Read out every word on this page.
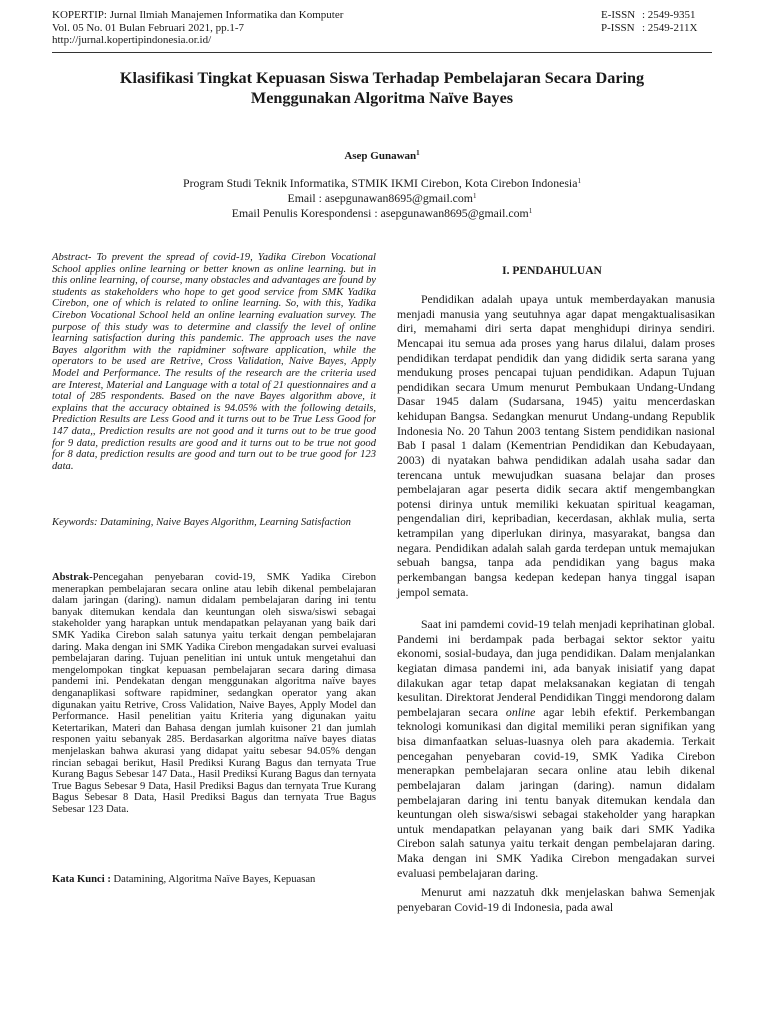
KOPERTIP: Jurnal Ilmiah Manajemen Informatika dan Komputer
Vol. 05 No. 01 Bulan Februari 2021, pp.1-7
http://jurnal.kopertipindonesia.or.id/
E-ISSN : 2549-9351
P-ISSN : 2549-211X
Klasifikasi Tingkat Kepuasan Siswa Terhadap Pembelajaran Secara Daring
Menggunakan Algoritma Naïve Bayes
Asep Gunawan$^1$
Program Studi Teknik Informatika, STMIK IKMI Cirebon, Kota Cirebon Indonesia$^1$
Email : asepgunawan8695@gmail.com$^1$
Email Penulis Korespondensi : asepgunawan8695@gmail.com$^1$
Abstract- To prevent the spread of covid-19, Yadika Cirebon Vocational School applies online learning or better known as online learning. but in this online learning, of course, many obstacles and advantages are found by students as stakeholders who hope to get good service from SMK Yadika Cirebon, one of which is related to online learning. So, with this, Yadika Cirebon Vocational School held an online learning evaluation survey. The purpose of this study was to determine and classify the level of online learning satisfaction during this pandemic. The approach uses the nave Bayes algorithm with the rapidminer software application, while the operators to be used are Retrive, Cross Validation, Naive Bayes, Apply Model and Performance. The results of the research are the criteria used are Interest, Material and Language with a total of 21 questionnaires and a total of 285 respondents. Based on the nave Bayes algorithm above, it explains that the accuracy obtained is 94.05% with the following details, Prediction Results are Less Good and it turns out to be True Less Good for 147 data,, Prediction results are not good and it turns out to be true good for 9 data, prediction results are good and it turns out to be true not good for 8 data, prediction results are good and turn out to be true good for 123 data.
Keywords: Datamining, Naive Bayes Algorithm, Learning Satisfaction
Abstrak-Pencegahan penyebaran covid-19, SMK Yadika Cirebon menerapkan pembelajaran secara online atau lebih dikenal pembelajaran dalam jaringan (daring). namun didalam pembelajaran daring ini tentu banyak ditemukan kendala dan keuntungan oleh siswa/siswi sebagai stakeholder yang harapkan untuk mendapatkan pelayanan yang baik dari SMK Yadika Cirebon salah satunya yaitu terkait dengan pembelajaran daring. Maka dengan ini SMK Yadika Cirebon mengadakan survei evaluasi pembelajaran daring. Tujuan penelitian ini untuk untuk mengetahui dan mengelompokan tingkat kepuasan pembelajaran secara daring dimasa pandemi ini. Pendekatan dengan menggunakan algoritma naïve bayes denganaplikasi software rapidminer, sedangkan operator yang akan digunakan yaitu Retrive, Cross Validation, Naive Bayes, Apply Model dan Performance. Hasil penelitian yaitu Kriteria yang digunakan yaitu Ketertarikan, Materi dan Bahasa dengan jumlah kuisoner 21 dan jumlah responen yaitu sebanyak 285. Berdasarkan algoritma naïve bayes diatas menjelaskan bahwa akurasi yang didapat yaitu sebesar 94.05% dengan rincian sebagai berikut, Hasil Prediksi Kurang Bagus dan ternyata True Kurang Bagus Sebesar 147 Data., Hasil Prediksi Kurang Bagus dan ternyata True Bagus Sebesar 9 Data, Hasil Prediksi Bagus dan ternyata True Kurang Bagus Sebesar 8 Data, Hasil Prediksi Bagus dan ternyata True Bagus Sebesar 123 Data.
Kata Kunci : Datamining, Algoritma Naïve Bayes, Kepuasan
I. PENDAHULUAN
Pendidikan adalah upaya untuk memberdayakan manusia menjadi manusia yang seutuhnya agar dapat mengaktualisasikan diri, memahami diri serta dapat menghidupi dirinya sendiri. Mencapai itu semua ada proses yang harus dilalui, dalam proses pendidikan terdapat pendidik dan yang dididik serta sarana yang mendukung proses pencapai tujuan pendidikan. Adapun Tujuan pendidikan secara Umum menurut Pembukaan Undang-Undang Dasar 1945 dalam (Sudarsana, 1945) yaitu mencerdaskan kehidupan Bangsa. Sedangkan menurut Undang-undang Republik Indonesia No. 20 Tahun 2003 tentang Sistem pendidikan nasional Bab I pasal 1 dalam (Kementrian Pendidikan dan Kebudayaan, 2003) di nyatakan bahwa pendidikan adalah usaha sadar dan terencana untuk mewujudkan suasana belajar dan proses pembelajaran agar peserta didik secara aktif mengembangkan potensi dirinya untuk memiliki kekuatan spiritual keagaman, pengendalian diri, kepribadian, kecerdasan, akhlak mulia, serta ketrampilan yang diperlukan dirinya, masyarakat, bangsa dan negara. Pendidikan adalah salah garda terdepan untuk memajukan sebuah bangsa, tanpa ada pendidikan yang bagus maka perkembangan bangsa kedepan kedepan hanya tinggal isapan jempol semata.
Saat ini pamdemi covid-19 telah menjadi keprihatinan global. Pandemi ini berdampak pada berbagai sektor sektor yaitu ekonomi, sosial-budaya, dan juga pendidikan. Dalam menjalankan kegiatan dimasa pandemi ini, ada banyak inisiatif yang dapat dilakukan agar tetap dapat melaksanakan kegiatan di tengah kesulitan. Direktorat Jenderal Pendidikan Tinggi mendorong dalam pembelajaran secara online agar lebih efektif. Perkembangan teknologi komunikasi dan digital memiliki peran signifikan yang bisa dimanfaatkan seluas-luasnya oleh para akademia. Terkait pencegahan penyebaran covid-19, SMK Yadika Cirebon menerapkan pembelajaran secara online atau lebih dikenal pembelajaran dalam jaringan (daring). namun didalam pembelajaran daring ini tentu banyak ditemukan kendala dan keuntungan oleh siswa/siswi sebagai stakeholder yang harapkan untuk mendapatkan pelayanan yang baik dari SMK Yadika Cirebon salah satunya yaitu terkait dengan pembelajaran daring. Maka dengan ini SMK Yadika Cirebon mengadakan survei evaluasi pembelajaran daring.
Menurut ami nazzatuh dkk menjelaskan bahwa Semenjak penyebaran Covid-19 di Indonesia, pada awal
